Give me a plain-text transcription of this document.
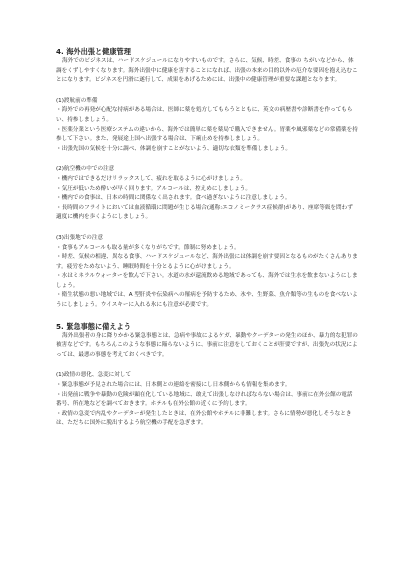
4. 海外出張と健康管理

海外でのビジネスは、ハードスケジュールになりやすいものです。さらに、気候、時差、食事の ちがいなどから、体調をくずしやすくなります。海外出張中に健康を害することになれば、出張の本来の目的以外の厄介な要因を抱え込むことになります。ビジネスを円滑に遂行して、成果をあげるためには、出張中の健康管理が重要な課題となります。

(1)渡航前の準備

・海外での再発が心配な持病がある場合は、医師に薬を処方してもらうとともに、英文の病歴書や診断書を作ってもらい、持参しましょう。

・医薬分業という医療システムの違いから、海外では簡単に薬を薬局で購入できません。胃薬や風邪薬などの常備薬を持参して下さい。また、発展途上国へ出張する場合は、下痢止めを持参しましょう。

・出張先国の気候を十分に調べ、体調を崩すことがないよう、適切な衣類を準備しましょう。

(2)航空機の中での注意

・機内ではできるだけリラックスして、疲れを取るように心がけましょう。

・気圧が低いため酔いが早く回ります。アルコールは、控えめにしましょう。

・機内での食事は、日本の時間に関係なく出されます。食べ過ぎないように注意しましょう。

・長時間のフライトにおいては血液循環に問題が生じる場合(通称:エコノミークラス症候群)があり、座席等級を問わず適度に機内を歩くようにしましょう。

(3)出張地での注意

・食事もアルコールも取る量が多くなりがちです。節制に努めましょう。

・時差、気候の相違、異なる食事、ハードスケジュールなど、海外出張には体調を崩す要因となるものがたくさんあります。疲労をためないよう、睡眠時間を十分とるように心がけましょう。

・水はミネラルウォーターを飲んで下さい。水道の水が還流飲める地域であっても、海外では生水を飲まないようにしましょう。

・衛生状態の悪い地域では、A 型肝炎や伝染病への罹病を予防するため、氷や、生野菜、魚介類等の生ものを食べないようにしましょう。ウイスキーに入れる氷にも注意が必要です。

5. 緊急事態に備えよう

海外出張者の身に降りかかる緊急事態とは、急病や事故によるケガ、暴動やクーデターの発生のほか、暴力的な犯罪の被害などです。もちろんこのような事態に陥らないように、事前に注意をしておくことが肝要ですが、出張先の状況によっては、最悪の事態を考えておくべきです。

(1)政情の悪化、急変に対して

・緊急事態が予見された場合には、日本側との連絡を密接にし日本側からも情報を集めます。

・出発前に戦争や暴動の危険が顕在化している地域に、敢えて出張しなければならない場合は、事前に在外公館の電話番号、所在地などを調べておきます。ホテルも在外公館の近くに予約します。

・政情の急変で内乱やクーデターが発生したときは、在外公館やホテルに非難します。さらに情勢が悪化しそうなときは、ただちに国外に脱出するよう航空機の手配を急ぎます。
